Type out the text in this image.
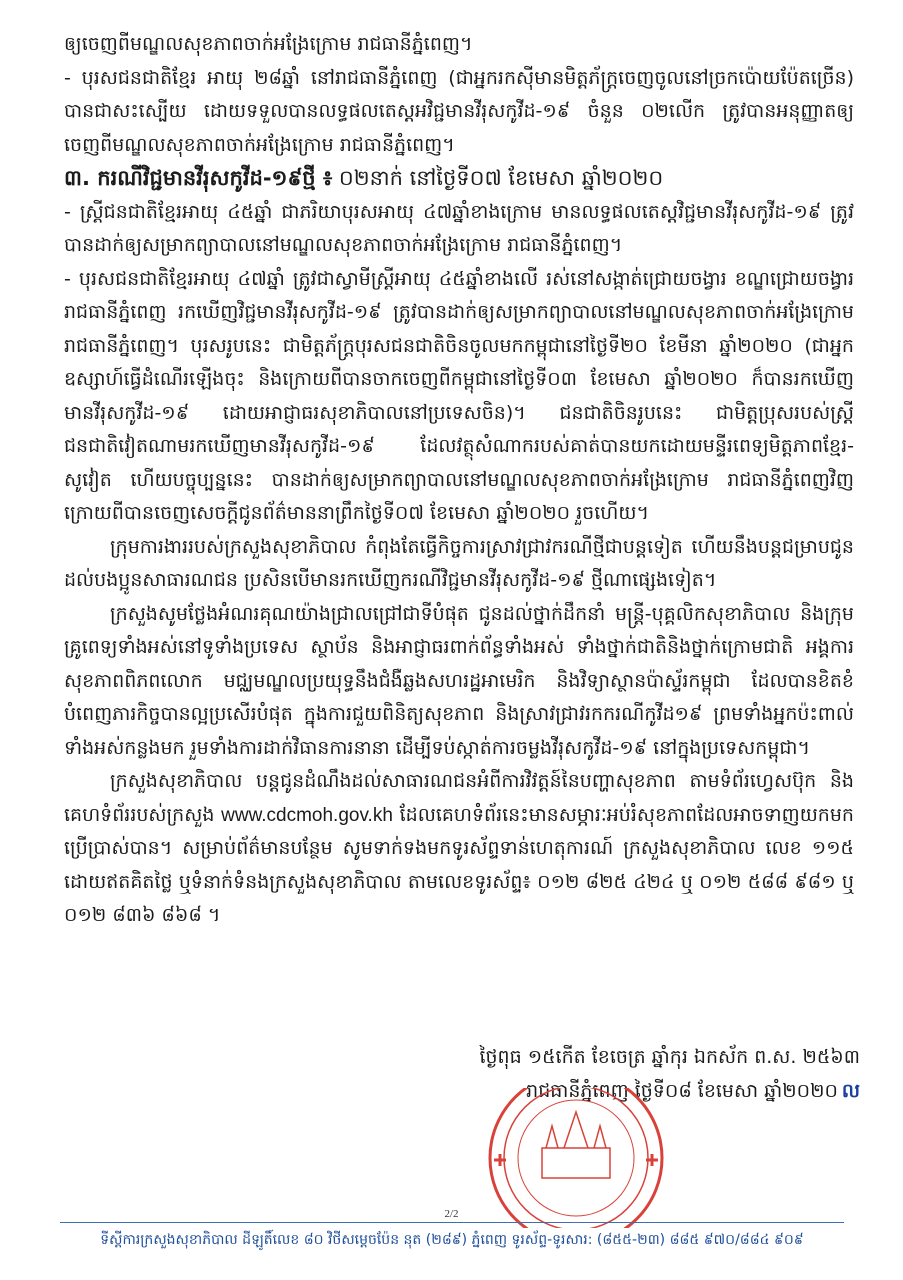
ឲ្យចេញពីមណ្ឌលសុខភាពចាក់អង្រែក្រោម រាជធានីភ្នំពេញ។

- បុរសជនជាតិខ្មែរ អាយុ ២៨ឆ្នាំ នៅរាជធានីភ្នំពេញ (ជាអ្នករកស៊ីមានមិត្តភ័ក្រ្តចេញចូលនៅច្រកប៉ោយប៉ែតច្រើន) បានជាសះស្បើយ ដោយទទួលបានលទ្ធផលតេស្តអវិជ្ជមានវីរុសកូវីដ-១៩ ចំនួន ០២លើក ត្រូវបានអនុញ្ញាតឲ្យចេញពីមណ្ឌលសុខភាពចាក់អង្រែក្រោម រាជធានីភ្នំពេញ។

៣. ករណីវិជ្ជមានវីរុសកូវីដ-១៩ថ្មី ៖ ០២នាក់ នៅថ្ងៃទី០៧ ខែមេសា ឆ្នាំ២០២០

- ស្ត្រីជនជាតិខ្មែរអាយុ ៤៥ឆ្នាំ ជាភរិយាបុរសអាយុ ៤៧ឆ្នាំខាងក្រោម មានលទ្ធផលតេស្តវិជ្ជមានវីរុសកូវីដ-១៩ ត្រូវបានដាក់ឲ្យសម្រាកព្យាបាលនៅមណ្ឌលសុខភាពចាក់អង្រែក្រោម រាជធានីភ្នំពេញ។

- បុរសជនជាតិខ្មែរអាយុ ៤៧ឆ្នាំ ត្រូវជាស្វាមីស្ត្រីអាយុ ៤៥ឆ្នាំខាងលើ រស់នៅសង្កាត់ជ្រោយចង្វារ ខណ្ឌជ្រោយចង្វារ រាជធានីភ្នំពេញ រកឃើញវិជ្ជមានវីរុសកូវីដ-១៩ ត្រូវបានដាក់ឲ្យសម្រាកព្យាបាលនៅមណ្ឌលសុខភាពចាក់អង្រែក្រោម រាជធានីភ្នំពេញ។ បុរសរូបនេះ ជាមិត្តភ័ក្រ្តបុរសជនជាតិចិនចូលមកកម្ពុជានៅថ្ងៃទី២០ ខែមីនា ឆ្នាំ២០២០ (ជាអ្នកឧស្សាហ៍ធ្វើដំណើរឡើងចុះ និងក្រោយពីបានចាកចេញពីកម្ពុជានៅថ្ងៃទី០៣ ខែមេសា ឆ្នាំ២០២០ ក៏បានរកឃើញមានវីរុសកូវីដ-១៩ ដោយអាជ្ញាធរសុខាភិបាលនៅប្រទេសចិន)។ ជនជាតិចិនរូបនេះ ជាមិត្តប្រុសរបស់ស្ត្រីជនជាតិវៀតណាមរកឃើញមានវីរុសកូវីដ-១៩ ដែលវត្ថុសំណាករបស់គាត់បានយកដោយមន្ទីរពេទ្យមិត្តភាពខ្មែរ-សូវៀត ហើយបច្ចុប្បន្ននេះ បានដាក់ឲ្យសម្រាកព្យាបាលនៅមណ្ឌលសុខភាពចាក់អង្រែក្រោម រាជធានីភ្នំពេញវិញ ក្រោយពីបានចេញសេចក្តីជូនព័ត៌មាននាព្រឹកថ្ងៃទី០៧ ខែមេសា ឆ្នាំ២០២០ រួចហើយ។

ក្រុមការងាររបស់ក្រសួងសុខាភិបាល កំពុងតែធ្វើកិច្ចការស្រាវជ្រាវករណីថ្មីជាបន្តទៀត ហើយនឹងបន្តជម្រាបជូនដល់បងប្អូនសាធារណជន ប្រសិនបើមានរកឃើញករណីវិជ្ជមានវីរុសកូវីដ-១៩ ថ្មីណាផ្សេងទៀត។

ក្រសួងសូមថ្លែងអំណរគុណយ៉ាងជ្រាលជ្រៅជាទីបំផុត ជូនដល់ថ្នាក់ដឹកនាំ មន្ត្រី-បុគ្គលិកសុខាភិបាល និងក្រុមគ្រូពេទ្យទាំងអស់នៅទូទាំងប្រទេស ស្ថាប័ន និងអាជ្ញាធរពាក់ព័ន្ធទាំងអស់ ទាំងថ្នាក់ជាតិនិងថ្នាក់ក្រោមជាតិ អង្គការសុខភាពពិភពលោក មជ្ឈមណ្ឌលប្រយុទ្ធនឹងជំងឺឆ្លងសហរដ្ឋអាមេរិក និងវិទ្យាស្ថានប៉ាស្ទ័រកម្ពុជា ដែលបានខិតខំបំពេញភារកិច្ចបានល្អប្រសើរបំផុត ក្នុងការជួយពិនិត្យសុខភាព និងស្រាវជ្រាវរកករណីកូវីដ១៩ ព្រមទាំងអ្នកប៉ះពាល់ទាំងអស់កន្លងមក រួមទាំងការដាក់វិធានការនានា ដើម្បីទប់ស្កាត់ការចម្លងវីរុសកូវីដ-១៩ នៅក្នុងប្រទេសកម្ពុជា។

ក្រសួងសុខាភិបាល បន្តជូនដំណឹងដល់សាធារណជនអំពីការវិវត្តន៍នៃបញ្ហាសុខភាព តាមទំព័រហ្វេសប៊ុក និងគេហទំព័ររបស់ក្រសួង www.cdcmoh.gov.kh ដែលគេហទំព័រនេះមានសម្ភារៈអប់រំសុខភាពដែលអាចទាញយកមកប្រើប្រាស់បាន។ សម្រាប់ព័ត៌មានបន្ថែម សូមទាក់ទងមកទូរស័ព្ទទាន់ហេតុការណ៍ ក្រសួងសុខាភិបាល លេខ ១១៥ ដោយឥតគិតថ្លៃ ឬទំនាក់ទំនងក្រសួងសុខាភិបាល តាមលេខទូរស័ព្ទ៖ ០១២ ៨២៥ ៤២៤ ឬ ០១២ ៥៨៨ ៩៨១ ឬ ០១២ ៨៣៦ ៨៦៨ ។

ថ្ងៃពុធ ១៥កើត ខែចេត្រ ឆ្នាំកុរ ឯកស័ក ព.ស. ២៥៦៣
រាជធានីភ្នំពេញ ថ្ងៃទី០៨ ខែមេសា ឆ្នាំ២០២០ ល
2/2
ទីស្តីការក្រសួងសុខាភិបាល ដីឡូតិ៍លេខ ៨០ វិថីសម្តេចប៉ែន នុត (២៨៩) ភ្នំពេញ ទូរស័ព្ទ-ទូរសារ: (៨៥៥-២៣) ៨៨៥ ៩៧០/៨៨៤ ៩០៩
